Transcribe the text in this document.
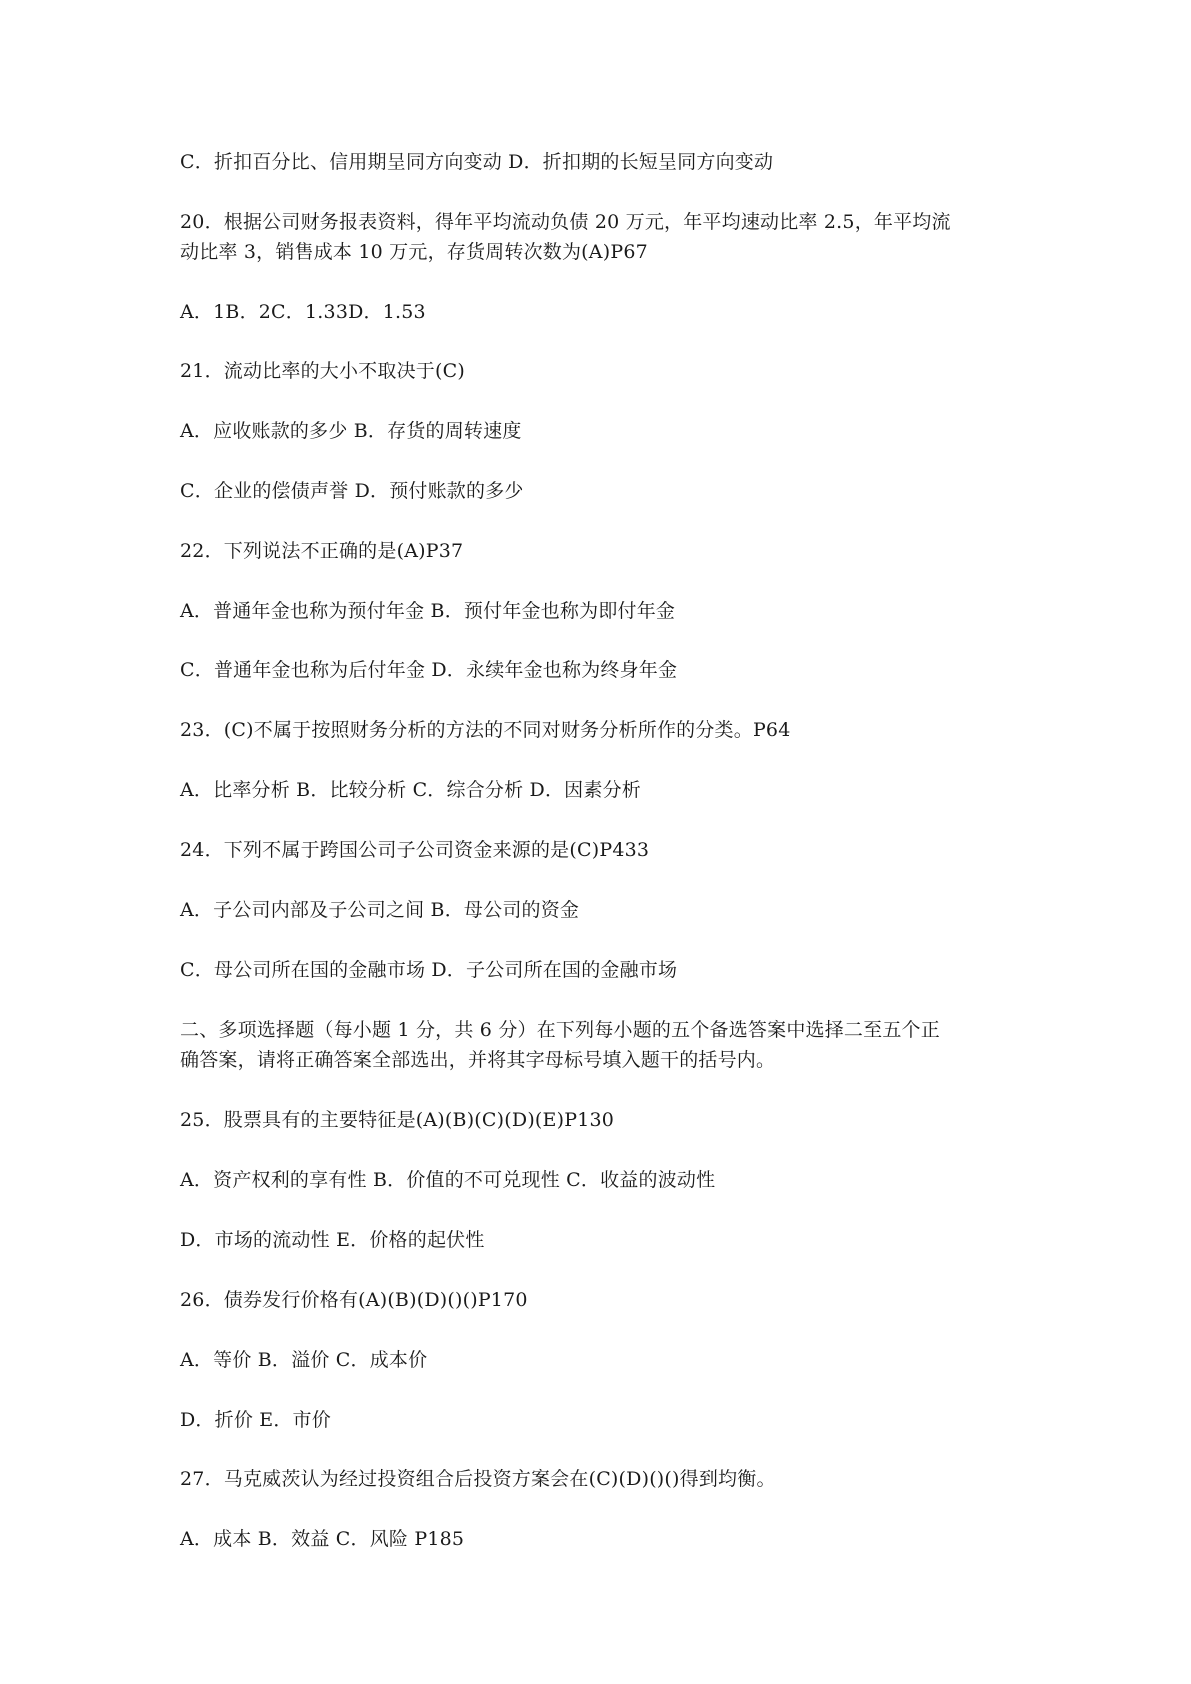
C．折扣百分比、信用期呈同方向变动 D．折扣期的长短呈同方向变动
20．根据公司财务报表资料，得年平均流动负债 20 万元，年平均速动比率 2.5，年平均流
动比率 3，销售成本 10 万元，存货周转次数为(A)P67
A．1B．2C．1.33D．1.53
21．流动比率的大小不取决于(C)
A．应收账款的多少 B．存货的周转速度
C．企业的偿债声誉 D．预付账款的多少
22．下列说法不正确的是(A)P37
A．普通年金也称为预付年金 B．预付年金也称为即付年金
C．普通年金也称为后付年金 D．永续年金也称为终身年金
23．(C)不属于按照财务分析的方法的不同对财务分析所作的分类。P64
A．比率分析 B．比较分析 C．综合分析 D．因素分析
24．下列不属于跨国公司子公司资金来源的是(C)P433
A．子公司内部及子公司之间 B．母公司的资金
C．母公司所在国的金融市场 D．子公司所在国的金融市场
二、多项选择题（每小题 1 分，共 6 分）在下列每小题的五个备选答案中选择二至五个正
确答案，请将正确答案全部选出，并将其字母标号填入题干的括号内。
25．股票具有的主要特征是(A)(B)(C)(D)(E)P130
A．资产权利的享有性 B．价值的不可兑现性 C．收益的波动性
D．市场的流动性 E．价格的起伏性
26．债券发行价格有(A)(B)(D)()()P170
A．等价 B．溢价 C．成本价
D．折价 E．市价
27．马克威茨认为经过投资组合后投资方案会在(C)(D)()()得到均衡。
A．成本 B．效益 C．风险 P185
